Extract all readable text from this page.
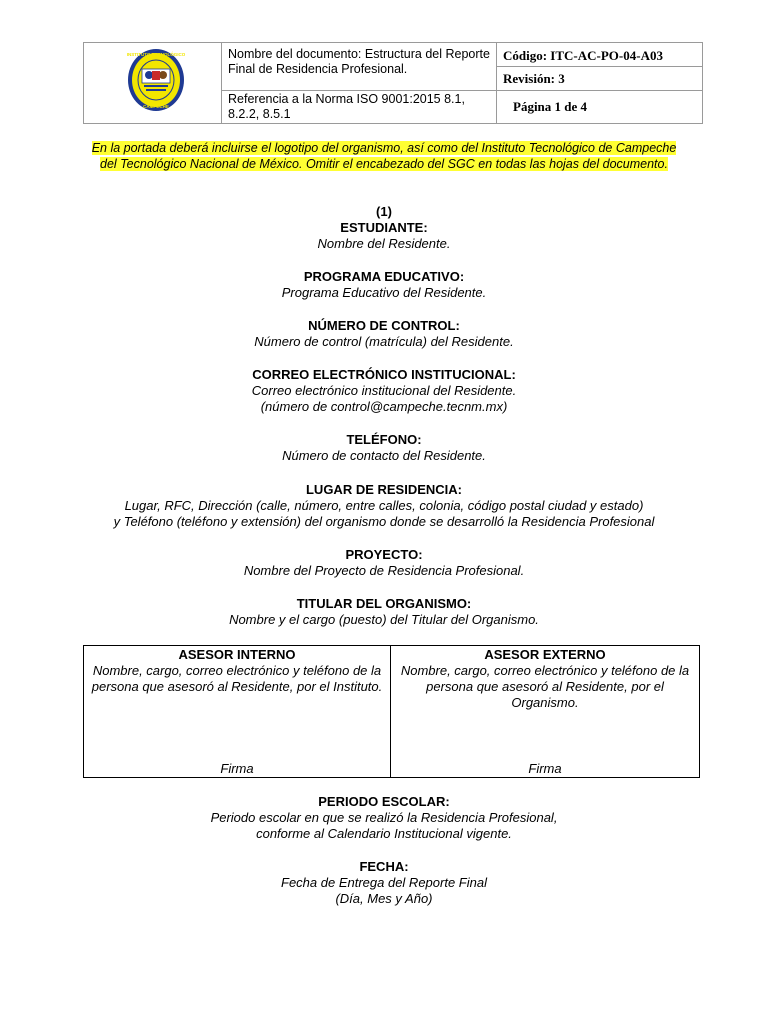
INSTITUTO TECNOLÓGICO
CAMPECHE
Nombre del documento: Estructura del Reporte Final de Residencia Profesional.
Referencia a la Norma ISO 9001:2015 8.1, 8.2.2, 8.5.1
Código: ITC-AC-PO-04-A03
Revisión: 3
Página 1 de 4
En la portada deberá incluirse el logotipo del organismo, así como del Instituto Tecnológico de Campeche
del Tecnológico Nacional de México. Omitir el encabezado del SGC en todas las hojas del documento.
(1)
ESTUDIANTE:
Nombre del Residente.
PROGRAMA EDUCATIVO:
Programa Educativo del Residente.
NÚMERO DE CONTROL:
Número de control (matrícula) del Residente.
CORREO ELECTRÓNICO INSTITUCIONAL:
Correo electrónico institucional del Residente.
(número de control@campeche.tecnm.mx)
TELÉFONO:
Número de contacto del Residente.
LUGAR DE RESIDENCIA:
Lugar, RFC, Dirección (calle, número, entre calles, colonia, código postal ciudad y estado)
y Teléfono (teléfono y extensión) del organismo donde se desarrolló la Residencia Profesional
PROYECTO:
Nombre del Proyecto de Residencia Profesional.
TITULAR DEL ORGANISMO:
Nombre y el cargo (puesto) del Titular del Organismo.
ASESOR INTERNO
Nombre, cargo, correo electrónico y teléfono de la persona que asesoró al Residente, por el Instituto.
Firma
ASESOR EXTERNO
Nombre, cargo, correo electrónico y teléfono de la persona que asesoró al Residente, por el Organismo.
Firma
PERIODO ESCOLAR:
Periodo escolar en que se realizó la Residencia Profesional,
conforme al Calendario Institucional vigente.
FECHA:
Fecha de Entrega del Reporte Final
(Día, Mes y Año)
